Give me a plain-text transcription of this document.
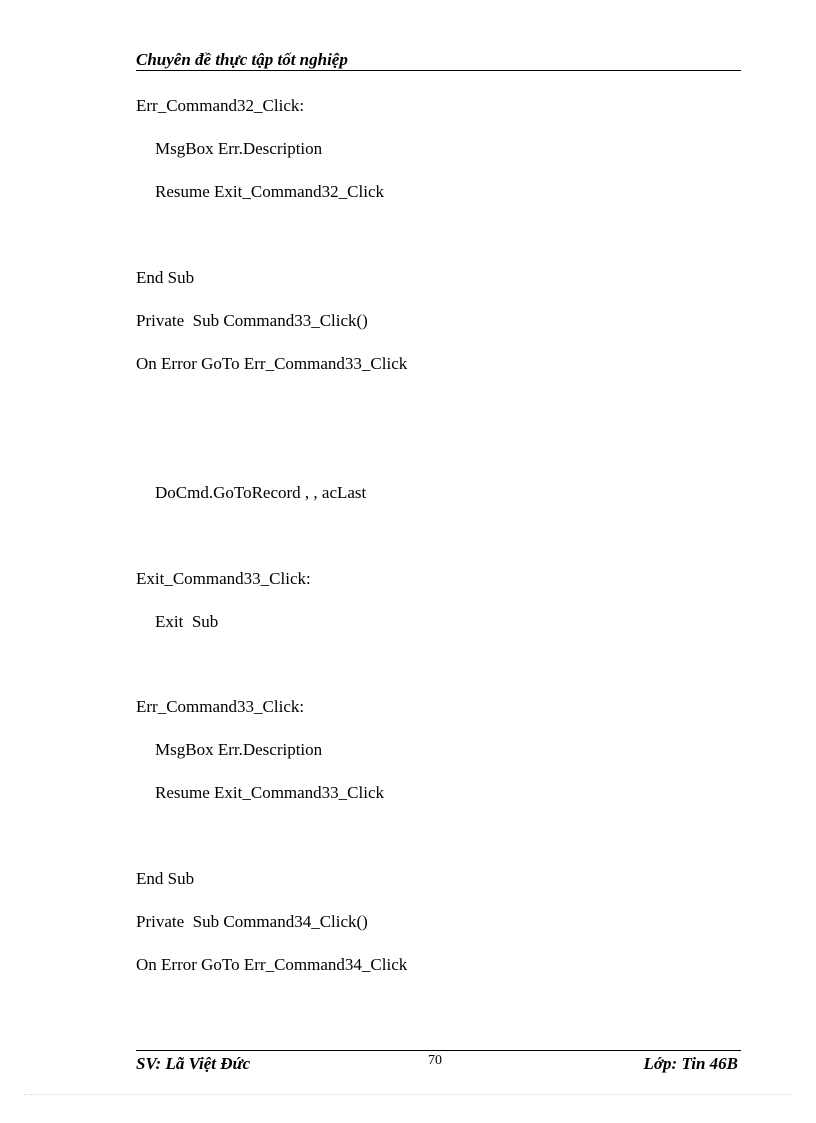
Chuyên đề thực tập tốt nghiệp
Err_Command32_Click:
MsgBox Err.Description
Resume Exit_Command32_Click
End Sub
Private  Sub Command33_Click()
On Error GoTo Err_Command33_Click
DoCmd.GoToRecord , , acLast
Exit_Command33_Click:
Exit  Sub
Err_Command33_Click:
MsgBox Err.Description
Resume Exit_Command33_Click
End Sub
Private  Sub Command34_Click()
On Error GoTo Err_Command34_Click
SV: Lã Việt Đức	70	Lớp: Tin 46B
